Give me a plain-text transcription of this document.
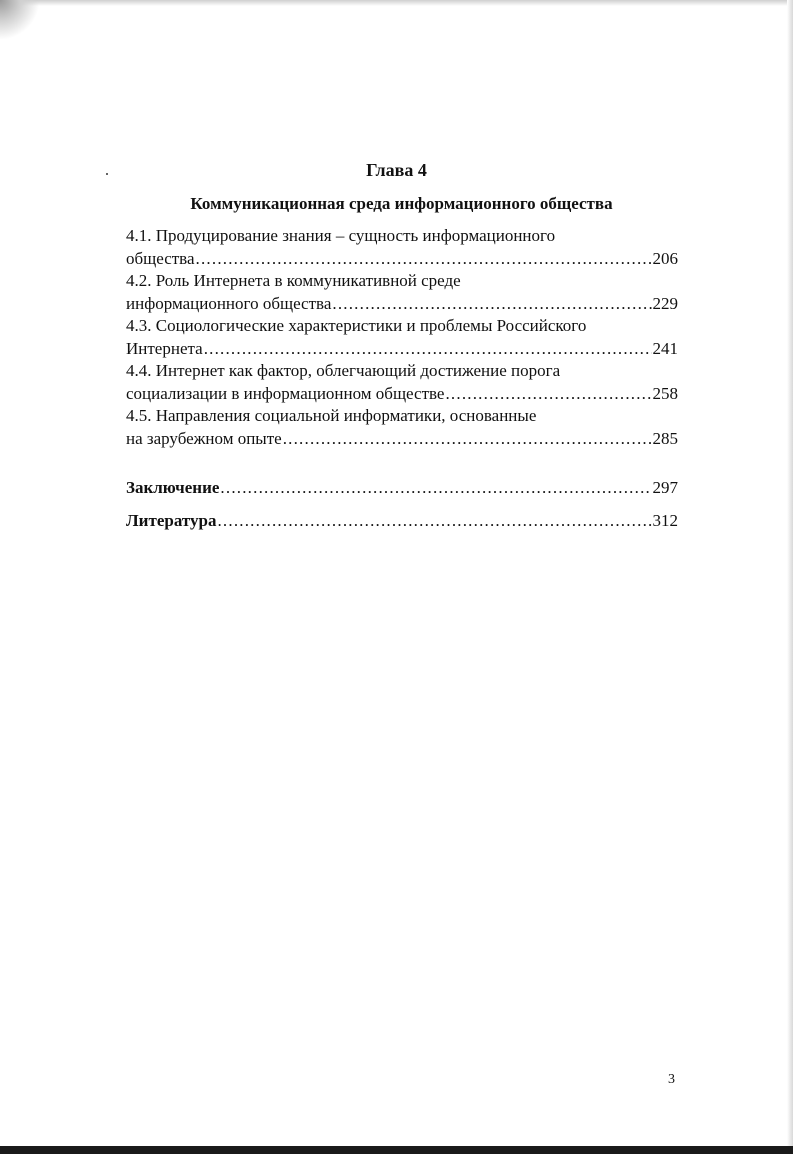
Глава 4
Коммуникационная среда информационного общества
4.1. Продуцирование знания – сущность информационного
общества .....	206
4.2. Роль Интернета в коммуникативной среде
информационного общества .....	229
4.3. Социологические характеристики и проблемы Российского
Интернета .....	241
4.4. Интернет как фактор, облегчающий достижение порога
социализации в информационном обществе .....	258
4.5. Направления социальной информатики, основанные
на зарубежном опыте .....	285
Заключение .....	297
Литература .....	312
3
